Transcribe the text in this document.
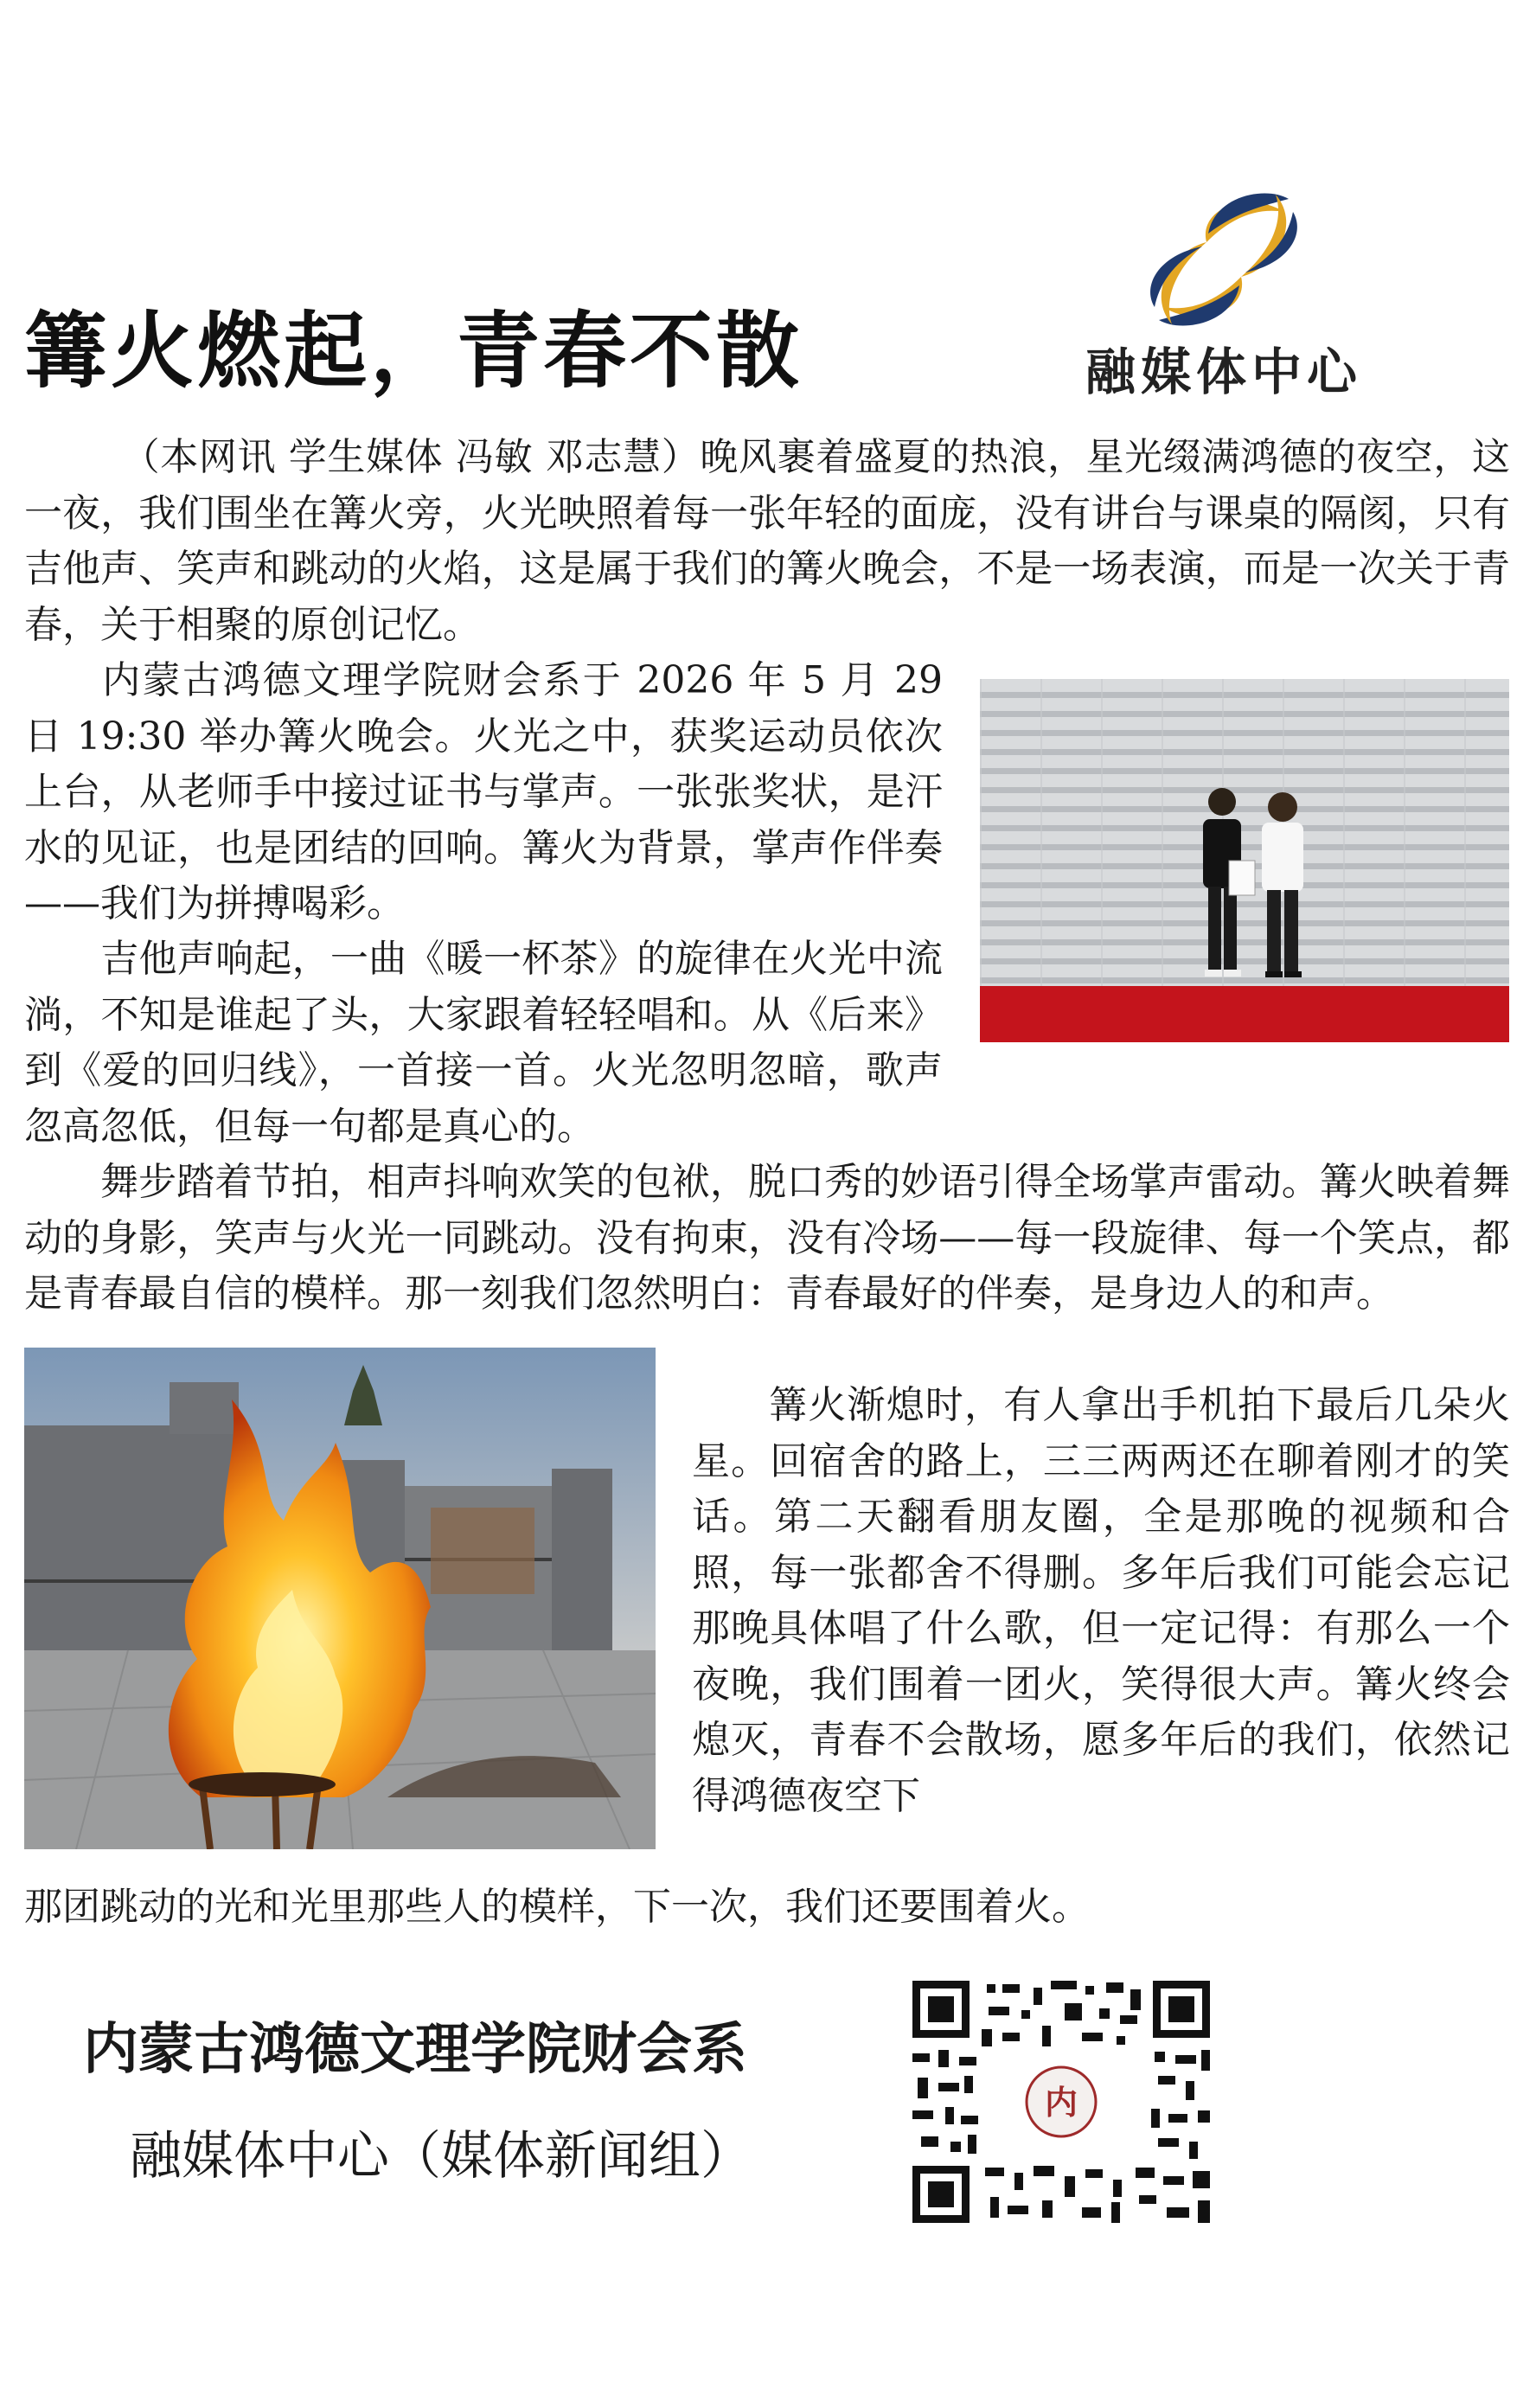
篝火燃起，青春不散	融媒体中心

（本网讯 学生媒体 冯敏 邓志慧）晚风裹着盛夏的热浪，星光缀满鸿德的夜空，这一夜，我们围坐在篝火旁，火光映照着每一张年轻的面庞，没有讲台与课桌的隔阂，只有吉他声、笑声和跳动的火焰，这是属于我们的篝火晚会，不是一场表演，而是一次关于青春，关于相聚的原创记忆。

内蒙古鸿德文理学院财会系于 2026 年 5 月 29 日 19:30 举办篝火晚会。火光之中，获奖运动员依次上台，从老师手中接过证书与掌声。一张张奖状，是汗水的见证，也是团结的回响。篝火为背景，掌声作伴奏——我们为拼搏喝彩。

吉他声响起，一曲《暖一杯茶》的旋律在火光中流淌，不知是谁起了头，大家跟着轻轻唱和。从《后来》到《爱的回归线》，一首接一首。火光忽明忽暗，歌声忽高忽低，但每一句都是真心的。

舞步踏着节拍，相声抖响欢笑的包袱，脱口秀的妙语引得全场掌声雷动。篝火映着舞动的身影，笑声与火光一同跳动。没有拘束，没有冷场——每一段旋律、每一个笑点，都是青春最自信的模样。那一刻我们忽然明白：青春最好的伴奏，是身边人的和声。

篝火渐熄时，有人拿出手机拍下最后几朵火星。回宿舍的路上，三三两两还在聊着刚才的笑话。第二天翻看朋友圈，全是那晚的视频和合照，每一张都舍不得删。多年后我们可能会忘记那晚具体唱了什么歌，但一定记得：有那么一个夜晚，我们围着一团火，笑得很大声。篝火终会熄灭，青春不会散场，愿多年后的我们，依然记得鸿德夜空下

那团跳动的光和光里那些人的模样，下一次，我们还要围着火。

内蒙古鸿德文理学院财会系
融媒体中心（媒体新闻组）
内
